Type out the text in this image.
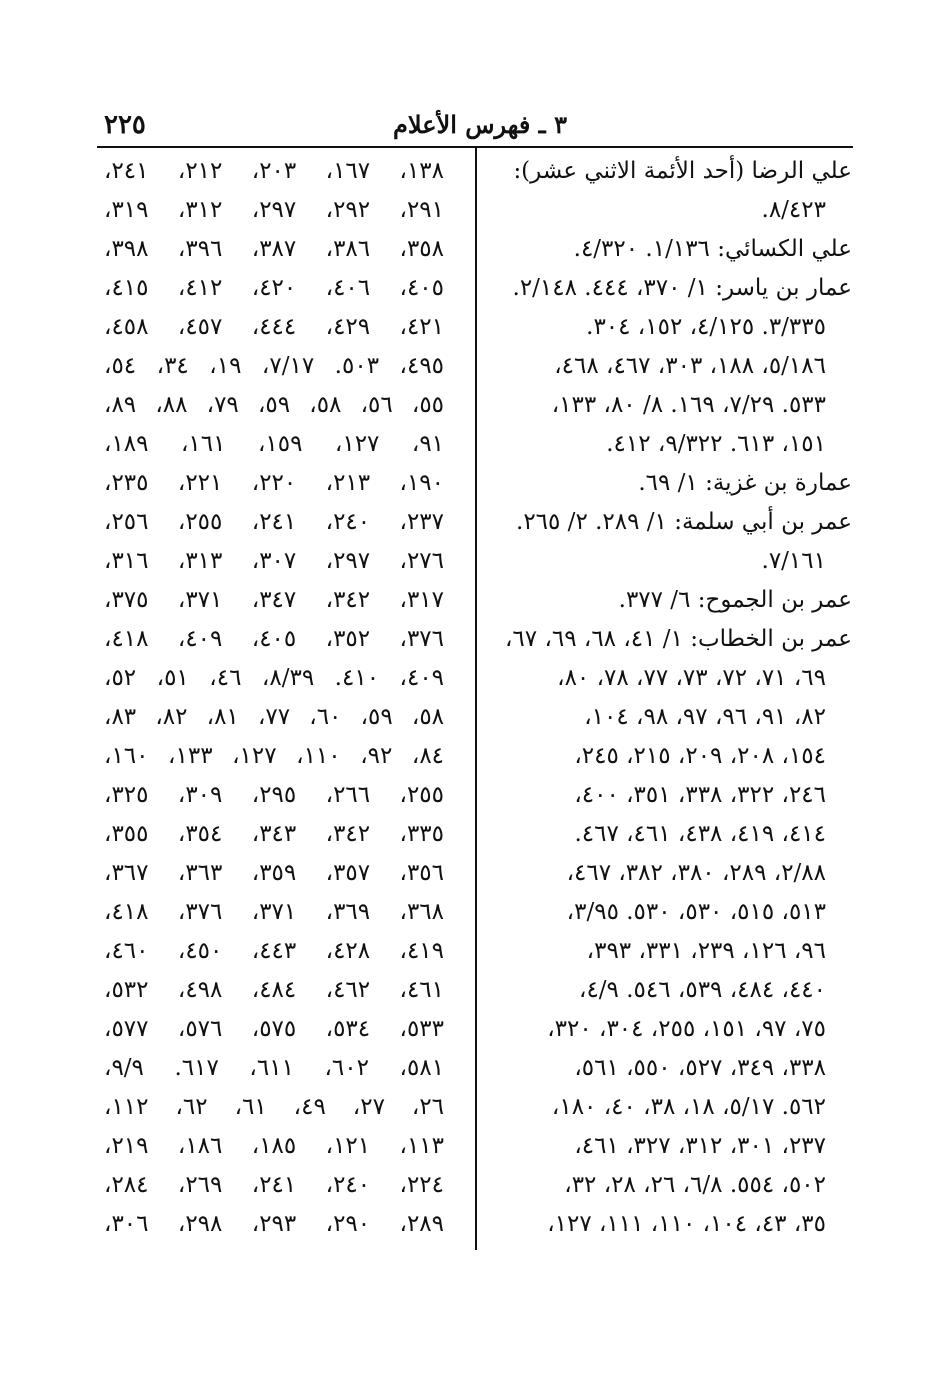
٣ ـ فهرس الأعلام
٢٢٥
علي الرضا (أحد الأئمة الاثني عشر):
٨/٤٢٣.
علي الكسائي: ١/١٣٦. ٤/٣٢٠.
عمار بن ياسر: ١/ ٣٧٠، ٤٤٤. ٢/١٤٨.
٣/٣٣٥. ٤/١٢٥، ١٥٢، ٣٠٤.
٥/١٨٦، ١٨٨، ٣٠٣، ٤٦٧، ٤٦٨،
٥٣٣. ٧/٢٩، ١٦٩. ٨/ ٨٠، ١٣٣،
١٥١، ٦١٣. ٩/٣٢٢، ٤١٢.
عمارة بن غزية: ١/ ٦٩.
عمر بن أبي سلمة: ١/ ٢٨٩. ٢/ ٢٦٥.
٧/١٦١.
عمر بن الجموح: ٦/ ٣٧٧.
عمر بن الخطاب: ١/ ٤١، ٦٨، ٦٩، ٦٧،
٦٩، ٧١، ٧٢، ٧٣، ٧٧، ٧٨، ٨٠،
٨٢، ٩١، ٩٦، ٩٧، ٩٨، ١٠٤،
١٥٤، ٢٠٨، ٢٠٩، ٢١٥، ٢٤٥،
٢٤٦، ٣٢٢، ٣٣٨، ٣٥١، ٤٠٠،
٤١٤، ٤١٩، ٤٣٨، ٤٦١، ٤٦٧.
٢/٨٨، ٢٨٩، ٣٨٠، ٣٨٢، ٤٦٧،
٥١٣، ٥١٥، ٥٣٠، ٥٣٠. ٣/٩٥،
٩٦، ١٢٦، ٢٣٩، ٣٣١، ٣٩٣،
٤٤٠، ٤٨٤، ٥٣٩، ٥٤٦. ٤/٩،
٧٥، ٩٧، ١٥١، ٢٥٥، ٣٠٤، ٣٢٠،
٣٣٨، ٣٤٩، ٥٢٧، ٥٥٠، ٥٦١،
٥٦٢. ٥/١٧، ١٨، ٣٨، ٤٠، ١٨٠،
٢٣٧، ٣٠١، ٣١٢، ٣٢٧، ٤٦١،
٥٠٢، ٥٥٤. ٦/٨، ٢٦، ٢٨، ٣٢،
٣٥، ٤٣، ١٠٤، ١١٠، ١١١، ١٢٧،
١٣٨، ١٦٧، ٢٠٣، ٢١٢، ٢٤١،
٢٩١، ٢٩٢، ٢٩٧، ٣١٢، ٣١٩،
٣٥٨، ٣٨٦، ٣٨٧، ٣٩٦، ٣٩٨،
٤٠٥، ٤٠٦، ٤٢٠، ٤١٢، ٤١٥،
٤٢١، ٤٢٩، ٤٤٤، ٤٥٧، ٤٥٨،
٤٩٥، ٥٠٣. ٧/١٧، ١٩، ٣٤، ٥٤،
٥٥، ٥٦، ٥٨، ٥٩، ٧٩، ٨٨، ٨٩،
٩١، ١٢٧، ١٥٩، ١٦١، ١٨٩،
١٩٠، ٢١٣، ٢٢٠، ٢٢١، ٢٣٥،
٢٣٧، ٢٤٠، ٢٤١، ٢٥٥، ٢٥٦،
٢٧٦، ٢٩٧، ٣٠٧، ٣١٣، ٣١٦،
٣١٧، ٣٤٢، ٣٤٧، ٣٧١، ٣٧٥،
٣٧٦، ٣٥٢، ٤٠٥، ٤٠٩، ٤١٨،
٤٠٩، ٤١٠. ٨/٣٩، ٤٦، ٥١، ٥٢،
٥٨، ٥٩، ٦٠، ٧٧، ٨١، ٨٢، ٨٣،
٨٤، ٩٢، ١١٠، ١٢٧، ١٣٣، ١٦٠،
٢٥٥، ٢٦٦، ٢٩٥، ٣٠٩، ٣٢٥،
٣٣٥، ٣٤٢، ٣٤٣، ٣٥٤، ٣٥٥،
٣٥٦، ٣٥٧، ٣٥٩، ٣٦٣، ٣٦٧،
٣٦٨، ٣٦٩، ٣٧١، ٣٧٦، ٤١٨،
٤١٩، ٤٢٨، ٤٤٣، ٤٥٠، ٤٦٠،
٤٦١، ٤٦٢، ٤٨٤، ٤٩٨، ٥٣٢،
٥٣٣، ٥٣٤، ٥٧٥، ٥٧٦، ٥٧٧،
٥٨١، ٦٠٢، ٦١١، ٦١٧. ٩/٩،
٢٦، ٢٧، ٤٩، ٦١، ٦٢، ١١٢،
١١٣، ١٢١، ١٨٥، ١٨٦، ٢١٩،
٢٢٤، ٢٤٠، ٢٤١، ٢٦٩، ٢٨٤،
٢٨٩، ٢٩٠، ٢٩٣، ٢٩٨، ٣٠٦،
